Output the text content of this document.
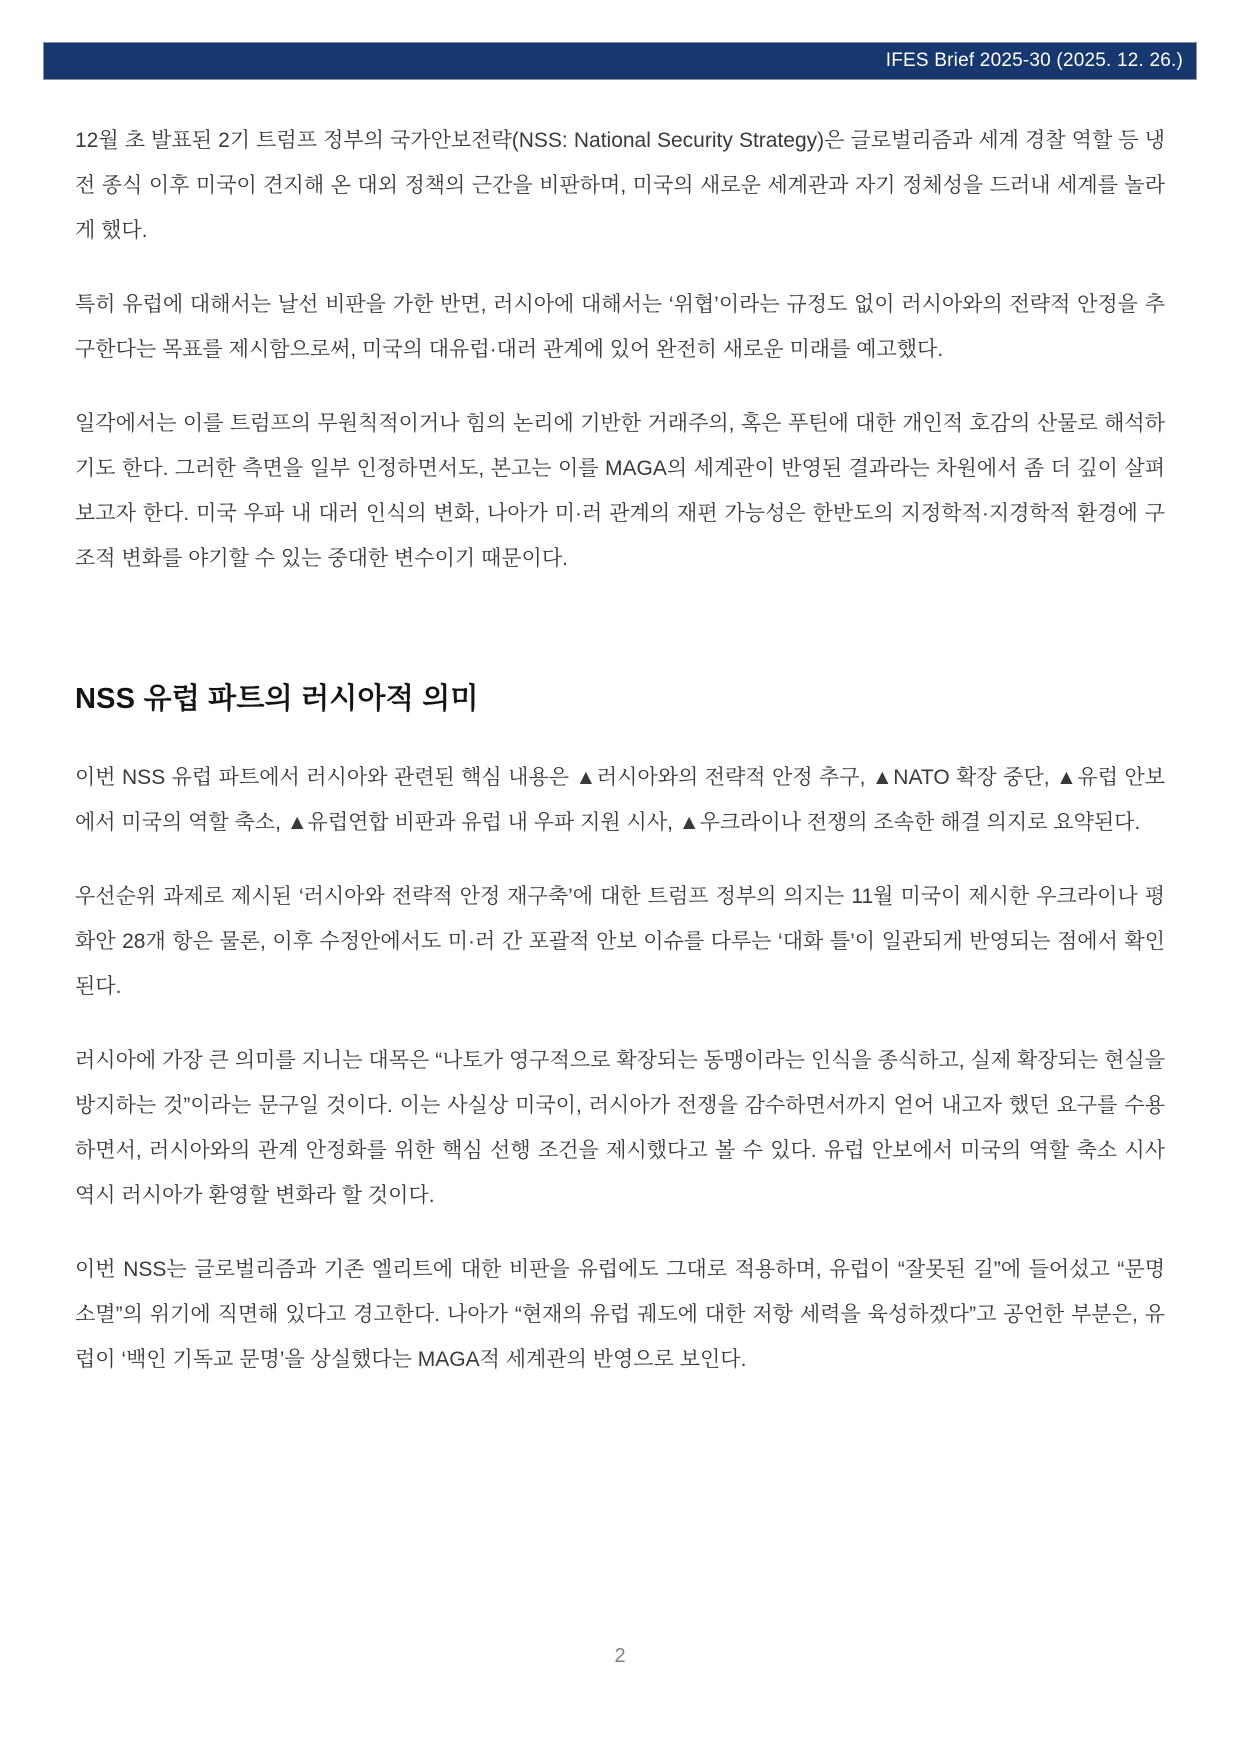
IFES Brief 2025-30 (2025. 12. 26.)

12월 초 발표된 2기 트럼프 정부의 국가안보전략(NSS: National Security Strategy)은 글로벌리즘과 세계 경찰 역할 등 냉전 종식 이후 미국이 견지해 온 대외 정책의 근간을 비판하며, 미국의 새로운 세계관과 자기 정체성을 드러내 세계를 놀라게 했다.

특히 유럽에 대해서는 날선 비판을 가한 반면, 러시아에 대해서는 ‘위협’이라는 규정도 없이 러시아와의 전략적 안정을 추구한다는 목표를 제시함으로써, 미국의 대유럽·대러 관계에 있어 완전히 새로운 미래를 예고했다.

일각에서는 이를 트럼프의 무원칙적이거나 힘의 논리에 기반한 거래주의, 혹은 푸틴에 대한 개인적 호감의 산물로 해석하기도 한다. 그러한 측면을 일부 인정하면서도, 본고는 이를 MAGA의 세계관이 반영된 결과라는 차원에서 좀 더 깊이 살펴보고자 한다. 미국 우파 내 대러 인식의 변화, 나아가 미·러 관계의 재편 가능성은 한반도의 지정학적·지경학적 환경에 구조적 변화를 야기할 수 있는 중대한 변수이기 때문이다.

NSS 유럽 파트의 러시아적 의미

이번 NSS 유럽 파트에서 러시아와 관련된 핵심 내용은 ▲러시아와의 전략적 안정 추구, ▲NATO 확장 중단, ▲유럽 안보에서 미국의 역할 축소, ▲유럽연합 비판과 유럽 내 우파 지원 시사, ▲우크라이나 전쟁의 조속한 해결 의지로 요약된다.

우선순위 과제로 제시된 ‘러시아와 전략적 안정 재구축’에 대한 트럼프 정부의 의지는 11월 미국이 제시한 우크라이나 평화안 28개 항은 물론, 이후 수정안에서도 미·러 간 포괄적 안보 이슈를 다루는 ‘대화 틀’이 일관되게 반영되는 점에서 확인된다.

러시아에 가장 큰 의미를 지니는 대목은 “나토가 영구적으로 확장되는 동맹이라는 인식을 종식하고, 실제 확장되는 현실을 방지하는 것”이라는 문구일 것이다. 이는 사실상 미국이, 러시아가 전쟁을 감수하면서까지 얻어 내고자 했던 요구를 수용하면서, 러시아와의 관계 안정화를 위한 핵심 선행 조건을 제시했다고 볼 수 있다. 유럽 안보에서 미국의 역할 축소 시사 역시 러시아가 환영할 변화라 할 것이다.

이번 NSS는 글로벌리즘과 기존 엘리트에 대한 비판을 유럽에도 그대로 적용하며, 유럽이 “잘못된 길”에 들어섰고 “문명 소멸”의 위기에 직면해 있다고 경고한다. 나아가 “현재의 유럽 궤도에 대한 저항 세력을 육성하겠다”고 공언한 부분은, 유럽이 ‘백인 기독교 문명’을 상실했다는 MAGA적 세계관의 반영으로 보인다.

2
